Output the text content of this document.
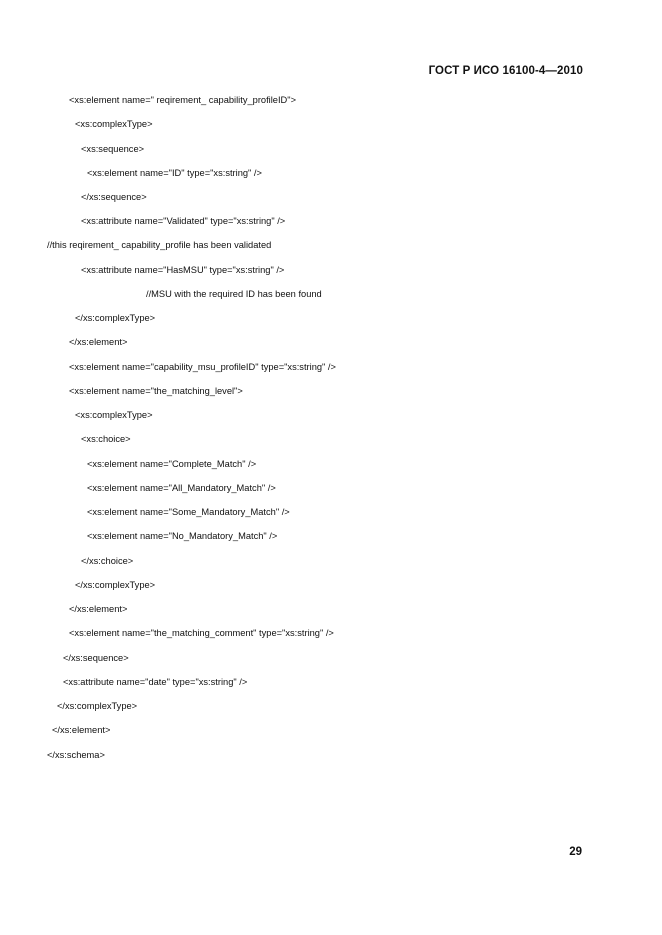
ГОСТ Р ИСО 16100-4—2010
<xs:element name=" reqirement_ capability_profileID">
<xs:complexType>
<xs:sequence>
<xs:element name="ID" type="xs:string" />
</xs:sequence>
<xs:attribute name="Validated" type="xs:string" />
//this reqirement_ capability_profile has been validated
<xs:attribute name="HasMSU" type="xs:string" />
//MSU with the required ID has been found
</xs:complexType>
</xs:element>
<xs:element name="capability_msu_profileID" type="xs:string" />
<xs:element name="the_matching_level">
<xs:complexType>
<xs:choice>
<xs:element name="Complete_Match" />
<xs:element name="All_Mandatory_Match" />
<xs:element name="Some_Mandatory_Match" />
<xs:element name="No_Mandatory_Match" />
</xs:choice>
</xs:complexType>
</xs:element>
<xs:element name="the_matching_comment" type="xs:string" />
</xs:sequence>
<xs:attribute name="date" type="xs:string" />
</xs:complexType>
</xs:element>
</xs:schema>
29
